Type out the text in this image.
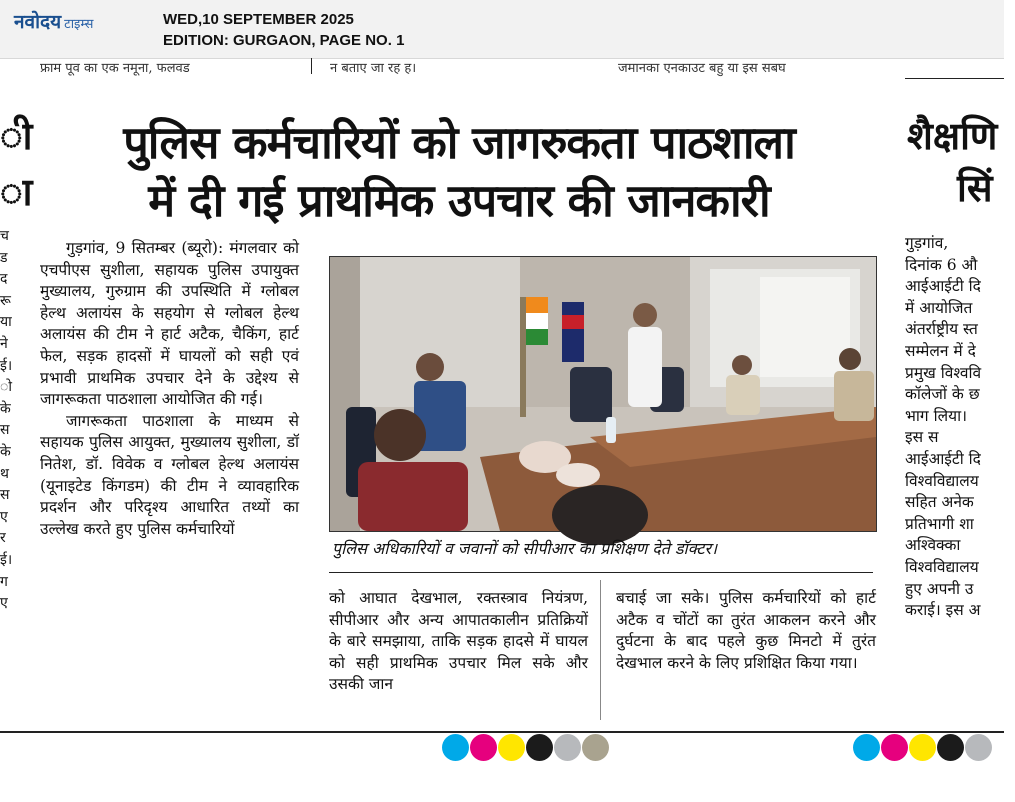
नवोदय टाइम्स	WED,10 SEPTEMBER 2025
EDITION: GURGAON, PAGE NO. 1
फ्राम पूव का एक नमूना, फलवड	न बताए जा रह ह।	जमानका एनकाउट बहु या इस सबघ
ी
ा
च
ड
द
रू
या
ने
ई।
ो
के
स
के
थ
स
ए
र
ई।
ग
ए
पुलिस कर्मचारियों को जागरुकता पाठशाला
में दी गई प्राथमिक उपचार की जानकारी

गुड़गांव, 9 सितम्बर (ब्यूरो): मंगलवार को एचपीएस सुशीला, सहायक पुलिस उपायुक्त मुख्यालय, गुरुग्राम की उपस्थिति में ग्लोबल हेल्थ अलायंस के सहयोग से ग्लोबल हेल्थ अलायंस की टीम ने हार्ट अटैक, चैकिंग, हार्ट फेल, सड़क हादसों में घायलों को सही एवं प्रभावी प्राथमिक उपचार देने के उद्देश्य से जागरूकता पाठशाला आयोजित की गई।

जागरूकता पाठशाला के माध्यम से सहायक पुलिस आयुक्त, मुख्यालय सुशीला, डॉ नितेश, डॉ. विवेक व ग्लोबल हेल्थ अलायंस (यूनाइटेड किंगडम) की टीम ने व्यावहारिक प्रदर्शन और परिदृश्य आधारित तथ्यों का उल्लेख करते हुए पुलिस कर्मचारियों

पुलिस अधिकारियों व जवानों को सीपीआर का प्रशिक्षण देते डॉक्टर।

को आघात देखभाल, रक्तस्त्राव नियंत्रण, सीपीआर और अन्य आपातकालीन प्रतिक्रियों के बारे समझाया, ताकि सड़क हादसे में घायल को सही प्राथमिक उपचार मिल सके और उसकी जान

बचाई जा सके। पुलिस कर्मचारियों को हार्ट अटैक व चोंटों का तुरंत आकलन करने और दुर्घटना के बाद पहले कुछ मिनटो में तुरंत देखभाल करने के लिए प्रशिक्षित किया गया।

शैक्षणि
सिं
गुड़गांव,
दिनांक 6 औ
आईआईटी दि
में आयोजित
अंतर्राष्ट्रीय स्त
सम्मेलन में दे
प्रमुख विश्ववि
कॉलेजों के छ
भाग लिया।
इस स
आईआईटी दि
विश्वविद्यालय
सहित अनेक
प्रतिभागी शा
अश्विक्का
विश्वविद्यालय
हुए अपनी उ
कराई। इस अ
